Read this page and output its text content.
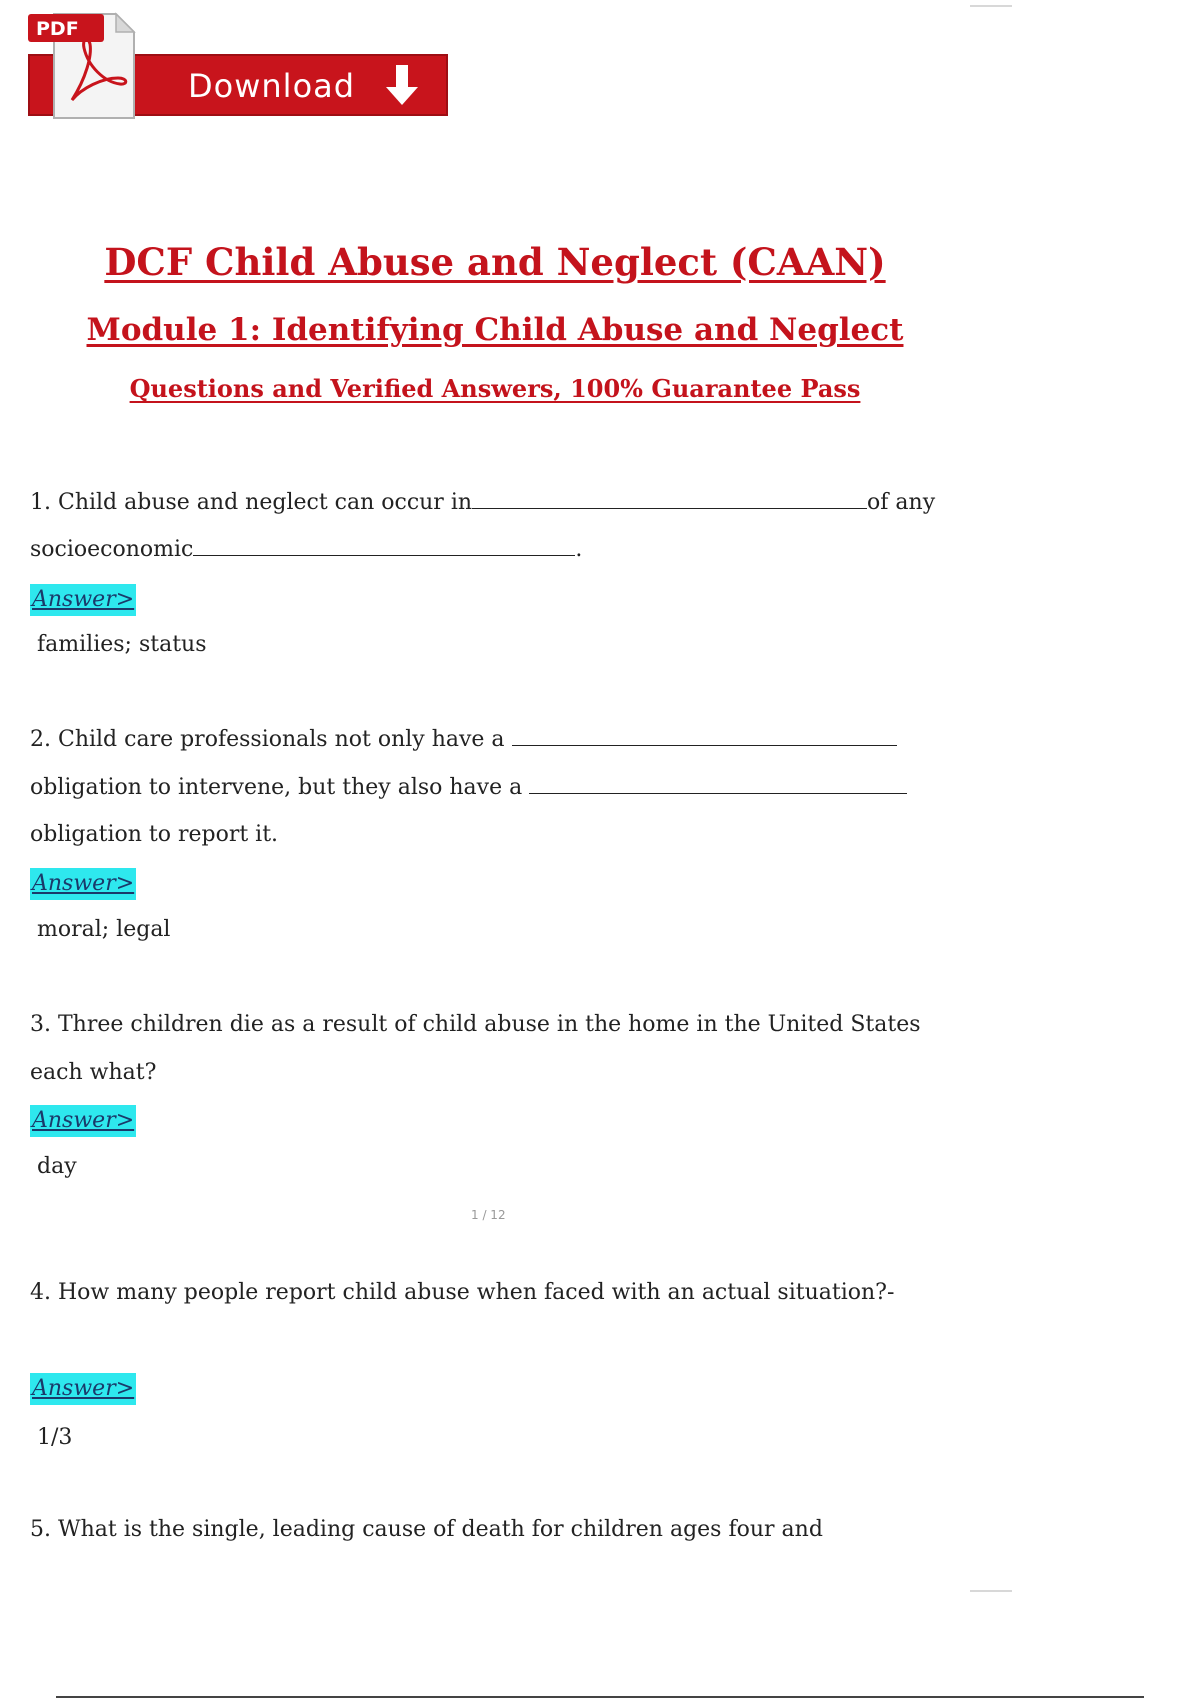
Download
PDF
DCF Child Abuse and Neglect (CAAN)
Module 1: Identifying Child Abuse and Neglect
Questions and Verified Answers, 100% Guarantee Pass
1. Child abuse and neglect can occur in	of any
socioeconomic	.
Answer>
families; status
2. Child care professionals not only have a
obligation to intervene, but they also have a
obligation to report it.
Answer>
moral; legal
3. Three children die as a result of child abuse in the home in the United States
each what?
Answer>
day
1 / 12
4. How many people report child abuse when faced with an actual situation?-
Answer>
1/3
5. What is the single, leading cause of death for children ages four and
